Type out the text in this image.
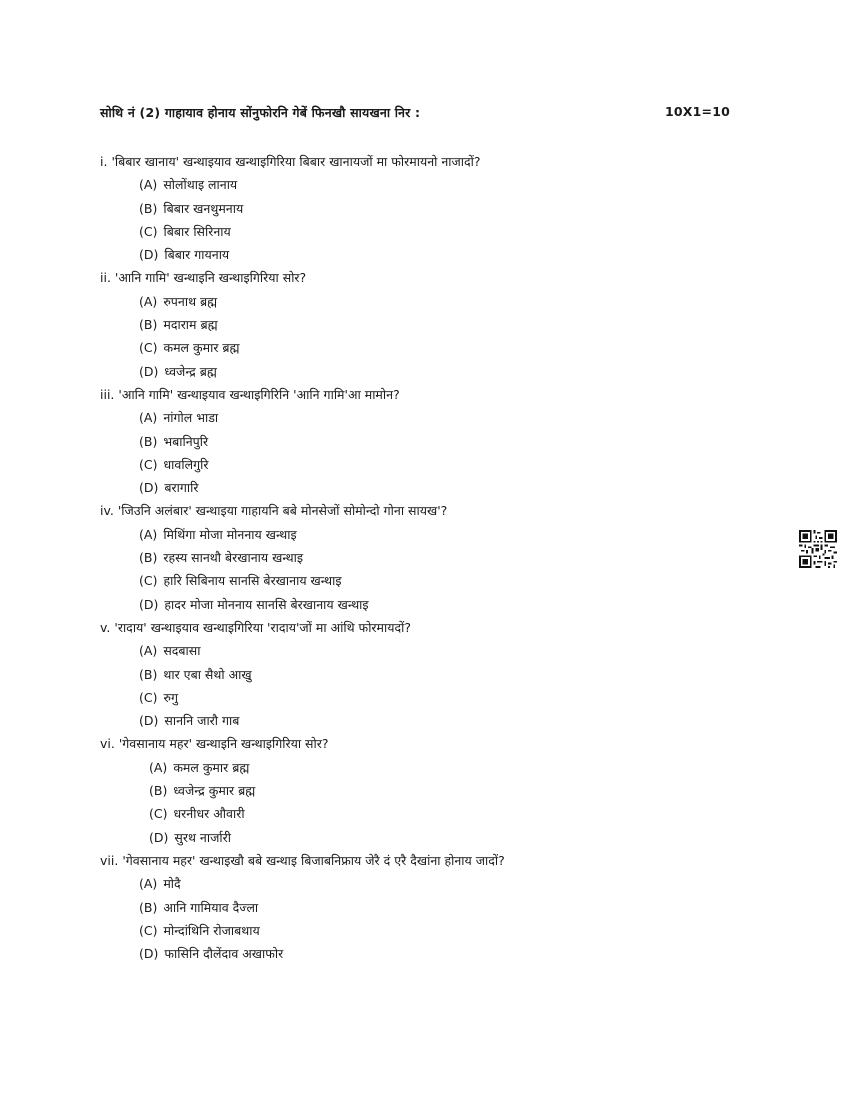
सोथि नं (2) गाहायाव होनाय सोंनुफोरनि गेबें फिनखौ सायखना निर :	10X1=10
i. 'बिबार खानाय' खन्थाइयाव खन्थाइगिरिया बिबार खानायजों मा फोरमायनो नाजादों?
(A) सोलोंथाइ लानाय
(B) बिबार खनथुमनाय
(C) बिबार सिरिनाय
(D) बिबार गायनाय
ii. 'आनि गामि' खन्थाइनि खन्थाइगिरिया सोर?
(A) रुपनाथ ब्रह्म
(B) मदाराम ब्रह्म
(C) कमल कुमार ब्रह्म
(D) ध्वजेन्द्र ब्रह्म
iii. 'आनि गामि' खन्थाइयाव खन्थाइगिरिनि 'आनि गामि'आ मामोन?
(A) नांगोल भाडा
(B) भबानिपुरि
(C) धावलिगुरि
(D) बरागारि
iv. 'जिउनि अलंबार' खन्थाइया गाहायनि बबे मोनसेजों सोमोन्दो गोना सायख'?
(A) मिथिंगा मोजा मोननाय खन्थाइ
(B) रहस्य सानथौ बेरखानाय खन्थाइ
(C) हारि सिबिनाय सानसि बेरखानाय खन्थाइ
(D) हादर मोजा मोननाय सानसि बेरखानाय खन्थाइ
v. 'रादाय' खन्थाइयाव खन्थाइगिरिया 'रादाय'जों मा आंथि फोरमायदों?
(A) सदबासा
(B) थार एबा सैथो आखु
(C) रुगु
(D) साननि जारौ गाब
vi. 'गेवसानाय महर' खन्थाइनि खन्थाइगिरिया सोर?
(A) कमल कुमार ब्रह्म
(B) ध्वजेन्द्र कुमार ब्रह्म
(C) धरनीधर औवारी
(D) सुरथ नार्जारी
vii. 'गेवसानाय महर' खन्थाइखौ बबे खन्थाइ बिजाबनिफ्राय जेरै दं एरै दैखांना होनाय जादों?
(A) मोदै
(B) आनि गामियाव दैज्ला
(C) मोन्दांथिनि रोजाबथाय
(D) फासिनि दौलेंदाव अखाफोर
